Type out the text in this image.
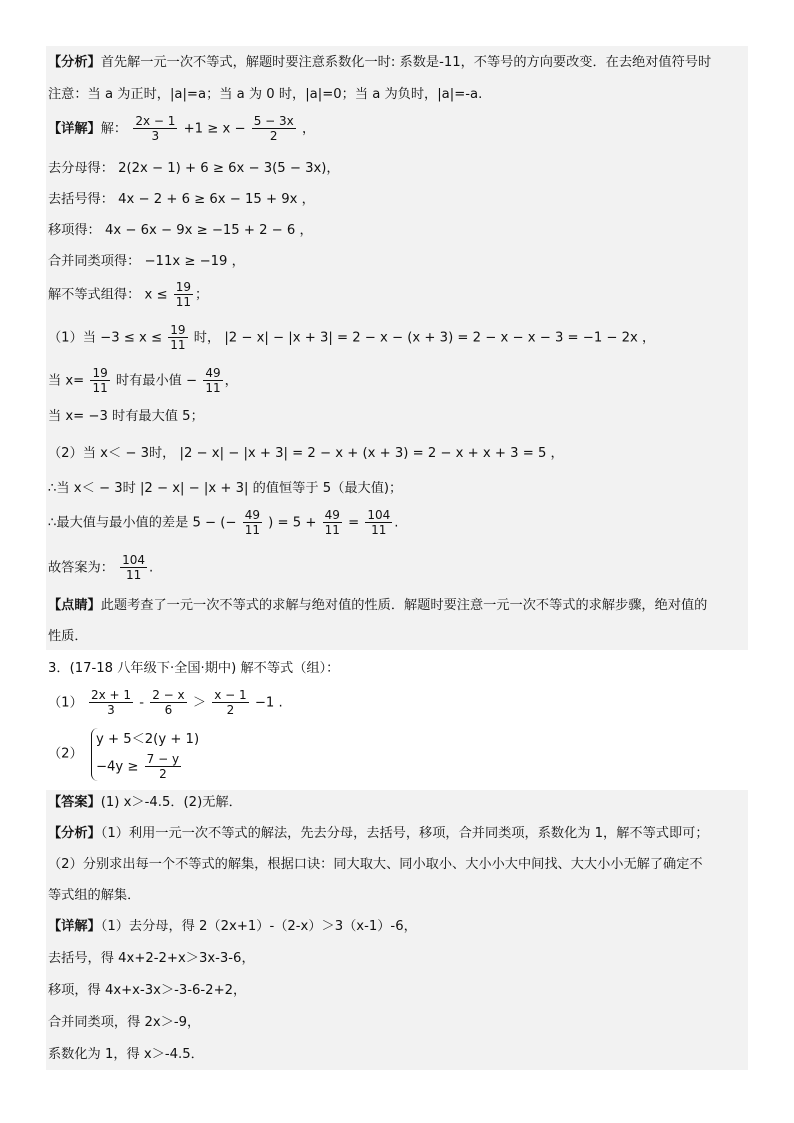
【分析】首先解一元一次不等式，解题时要注意系数化一时: 系数是-11，不等号的方向要改变．在去绝对值符号时
注意：当 a 为正时，|a|=a；当 a 为 0 时，|a|=0；当 a 为负时，|a|=-a.
【详解】解： $\frac{2x - 1}{3} +1 \ge x - \frac{5 - 3x}{2}$ ，
去分母得： 2(2x − 1) + 6 ≥ 6x − 3(5 − 3x)，
去括号得： 4x − 2 + 6 ≥ 6x − 15 + 9x ，
移项得： 4x − 6x − 9x ≥ −15 + 2 − 6 ，
合并同类项得： −11x ≥ −19 ，
解不等式组得： $x \le \frac{19}{11}$ ；
（1）当 $-3 \le x \le \frac{19}{11}$ 时， |2 − x| − |x + 3| = 2 − x − (x + 3) = 2 − x − x − 3 = −1 − 2x ，
当 $x= \frac{19}{11}$ 时有最小值 − $\frac{49}{11}$ ，
当 x= −3 时有最大值 5；
（2）当 x＜ − 3时， |2 − x| − |x + 3| = 2 − x + (x + 3) = 2 − x + x + 3 = 5 ，
∴当 x＜ − 3时 |2 − x| − |x + 3| 的值恒等于 5（最大值)；
∴最大值与最小值的差是 5 − (− $\frac{49}{11}$ ) = $5 + \frac{49}{11} = \frac{104}{11}$ .
故答案为： $\frac{104}{11}$ .
【点睛】此题考查了一元一次不等式的求解与绝对值的性质．解题时要注意一元一次不等式的求解步骤，绝对值的
性质．
3．(17-18 八年级下·全国·期中) 解不等式（组）：
$(1) \frac{2x + 1}{3} - \frac{2 - x}{6} > \frac{x - 1}{2} -1$ .
（2）
y + 5＜2(y + 1)
$-4y \ge \frac{7 - y}{2}$
【答案】(1) x＞-4.5．(2)无解．
【分析】（1）利用一元一次不等式的解法，先去分母，去括号，移项，合并同类项，系数化为 1，解不等式即可；
（2）分别求出每一个不等式的解集，根据口诀：同大取大、同小取小、大小小大中间找、大大小小无解了确定不
等式组的解集．
【详解】（1）去分母，得 2（2x+1）-（2-x）＞3（x-1）-6，
去括号，得 4x+2-2+x＞3x-3-6，
移项，得 4x+x-3x＞-3-6-2+2，
合并同类项，得 2x＞-9，
系数化为 1，得 x＞-4.5．
